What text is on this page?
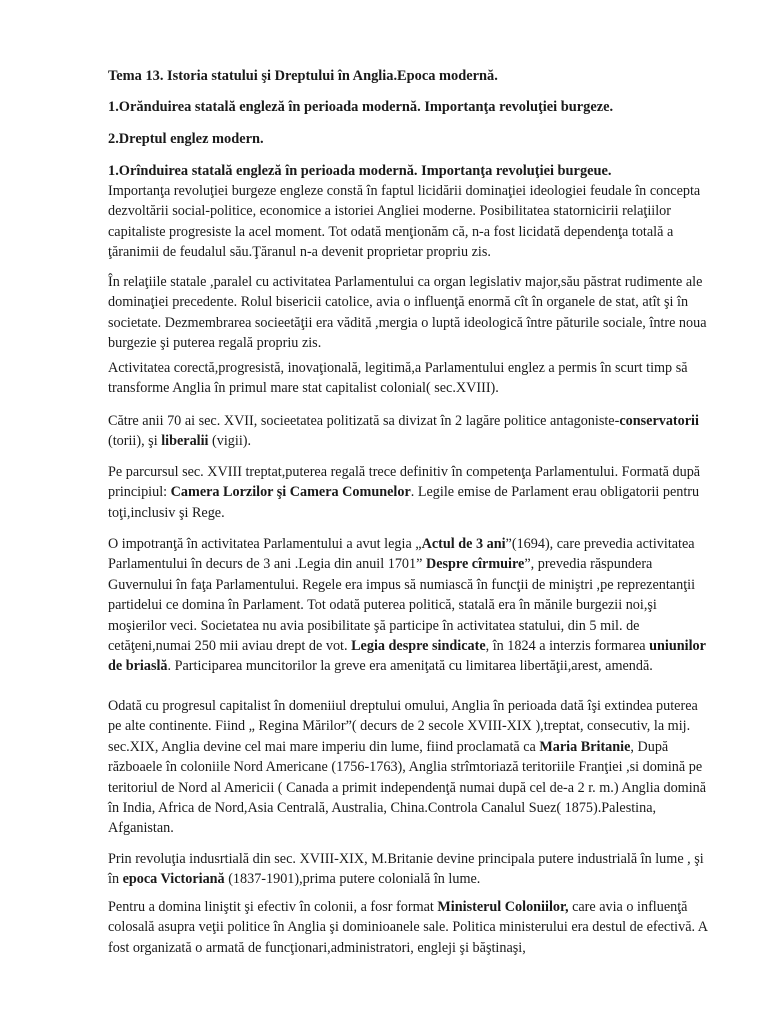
Tema 13. Istoria statului şi Dreptului în Anglia.Epoca modernă.
1.Orănduirea statală engleză în perioada modernă. Importanţa revoluţiei burgeze.
2.Dreptul englez modern.
1.Orînduirea statală engleză în perioada modernă. Importanţa revoluţiei burgeue.

Importanţa revoluţiei burgeze engleze constă în faptul licidării dominaţiei ideologiei feudale în concepta dezvoltării social-politice, economice a istoriei Angliei moderne. Posibilitatea statornicirii relaţiilor capitaliste progresiste la acel moment. Tot odată menţionăm că, n-a fost licidată dependenţa totală a ţăranimii de feudalul său.Ţăranul n-a devenit proprietar propriu zis.

În relaţiile statale ,paralel cu activitatea Parlamentului ca organ legislativ major,său păstrat rudimente ale dominaţiei precedente. Rolul bisericii catolice, avia o influenţă enormă cît în organele de stat, atît şi în societate. Dezmembrarea socieetăţii era vădită ,mergia o luptă ideologică între păturile sociale, între noua burgezie şi puterea regală propriu zis.

Activitatea corectă,progresistă, inovaţională, legitimă,a Parlamentului englez a permis în scurt timp să transforme Anglia în primul mare stat capitalist colonial( sec.XVIII).

Către anii 70 ai sec. XVII, socieetatea politizată sa divizat în 2 lagăre politice antagoniste-conservatorii (torii), şi liberalii (vigii).

Pe parcursul sec. XVIII treptat,puterea regală trece definitiv în competenţa Parlamentului. Formată după principiul: Camera Lorzilor şi Camera Comunelor. Legile emise de Parlament erau obligatorii pentru toţi,inclusiv şi Rege.

O impotranţă în activitatea Parlamentului a avut legia „Actul de 3 ani”(1694), care prevedia activitatea Parlamentului în decurs de 3 ani .Legia din anuil 1701” Despre cîrmuire”, prevedia răspundera Guvernului în faţa Parlamentului. Regele era impus să numiască în funcţii de miniştri ,pe reprezentanţii partidelui ce domina în Parlament. Tot odată puterea politică, statală era în mănile burgezii noi,şi moşierilor veci. Societatea nu avia posibilitate şă participe în activitatea statului, din 5 mil. de cetăţeni,numai 250 mii aviau drept de vot. Legia despre sindicate, în 1824 a interzis formarea uniunilor de briaslă. Participarea muncitorilor la greve era ameniţată cu limitarea libertăţii,arest, amendă.

Odată cu progresul capitalist în domeniiul dreptului omului, Anglia în perioada dată îşi extindea puterea pe alte continente. Fiind „ Regina Mărilor”( decurs de 2 secole XVIII-XIX ),treptat, consecutiv, la mij. sec.XIX, Anglia devine cel mai mare imperiu din lume, fiind proclamată ca Maria Britanie, După războaele în coloniile Nord Americane (1756-1763), Anglia strîmtoriază teritoriile Franţiei ,si domină pe teritoriul de Nord al Americii ( Canada a primit independenţă numai după cel de-a 2 r. m.) Anglia domină în India, Africa de Nord,Asia Centrală, Australia, China.Controla Canalul Suez( 1875).Palestina, Afganistan.

Prin revoluţia indusrtială din sec. XVIII-XIX, M.Britanie devine principala putere industrială în lume , şi în epoca Victoriană (1837-1901),prima putere colonială în lume.

Pentru a domina liniştit şi efectiv în colonii, a fosr format Ministerul Coloniilor, care avia o influenţă colosală asupra veţii politice în Anglia şi dominioanele sale. Politica ministerului era destul de efectivă. A fost organizată o armată de funcţionari,administratori, engleji şi băştinaşi,
